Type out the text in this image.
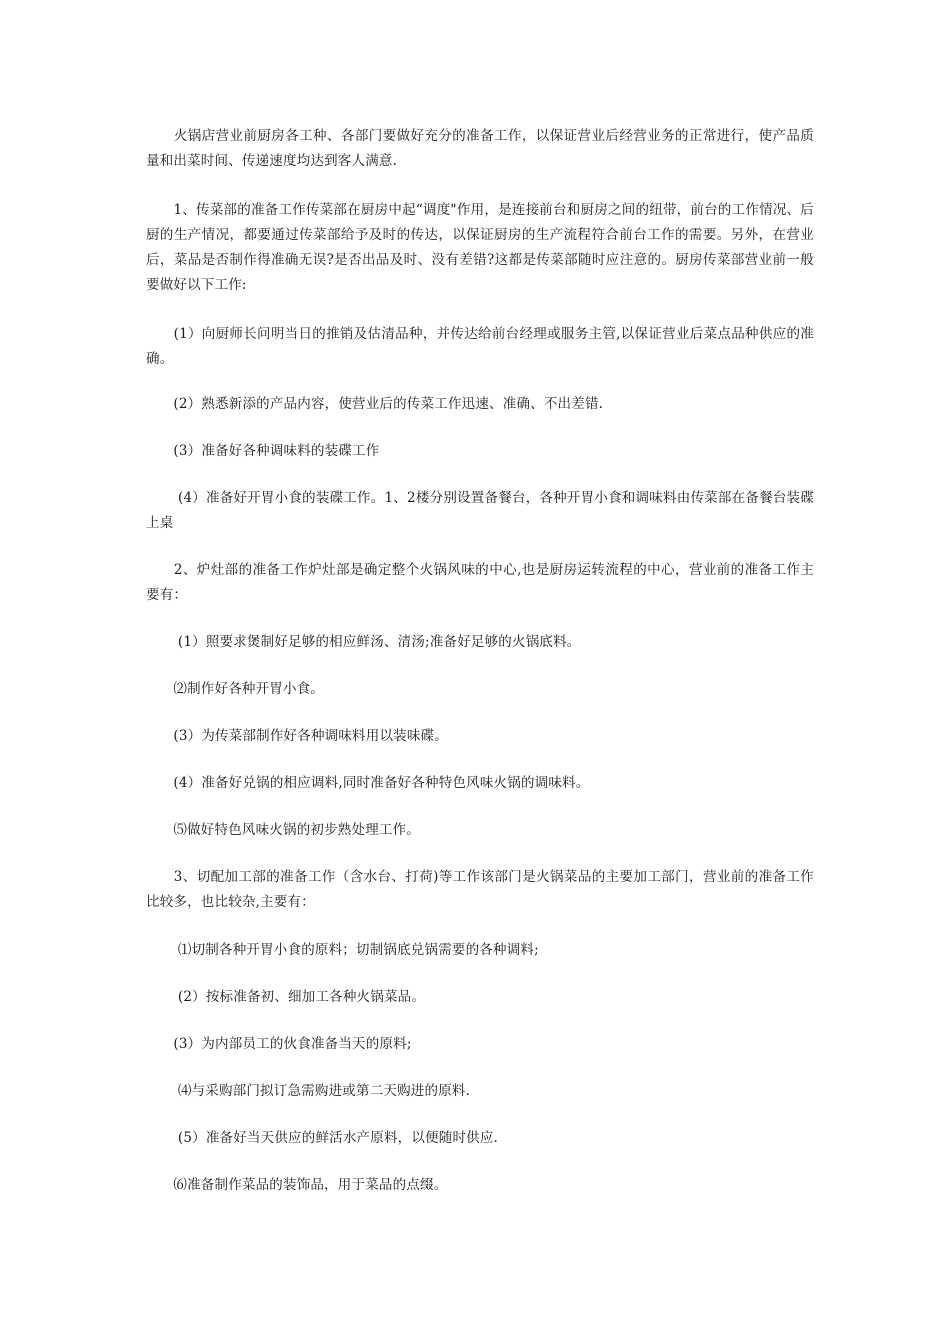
　　火锅店营业前厨房各工种、各部门要做好充分的准备工作，以保证营业后经营业务的正常进行，使产品质量和出菜时间、传递速度均达到客人满意.

　　1、传菜部的准备工作传菜部在厨房中起“调度"作用，是连接前台和厨房之间的纽带，前台的工作情况、后厨的生产情况，都要通过传菜部给予及时的传达，以保证厨房的生产流程符合前台工作的需要。另外，在营业后，菜品是否制作得准确无误?是否出品及时、没有差错?这都是传菜部随时应注意的。厨房传菜部营业前一般要做好以下工作:

　　(1）向厨师长问明当日的推销及估清品种，并传达给前台经理或服务主管,以保证营业后菜点品种供应的准确。

　　(2）熟悉新添的产品内容，使营业后的传菜工作迅速、准确、不出差错.

　　(3）准备好各种调味料的装碟工作

　　 (4）准备好开胃小食的装碟工作。1、2楼分别设置备餐台，各种开胃小食和调味料由传菜部在备餐台装碟上桌

　　2、炉灶部的准备工作炉灶部是确定整个火锅风味的中心,也是厨房运转流程的中心，营业前的准备工作主要有：

　　 (1）照要求煲制好足够的相应鲜汤、清汤;准备好足够的火锅底料。

　　⑵制作好各种开胃小食。

　　(3）为传菜部制作好各种调味料用以装味碟。

　　(4）准备好兑锅的相应调料,同时准备好各种特色风味火锅的调味料。

　　⑸做好特色风味火锅的初步熟处理工作。

　　3、切配加工部的准备工作（含水台、打荷)等工作该部门是火锅菜品的主要加工部门，营业前的准备工作比较多，也比较杂,主要有：

　　 ⑴切制各种开胃小食的原料；切制锅底兑锅需要的各种调料;

　　 (2）按标准备初、细加工各种火锅菜品。

　　(3）为内部员工的伙食准备当天的原料;

　　 ⑷与采购部门拟订急需购进或第二天购进的原料.

　　 (5）准备好当天供应的鲜活水产原料，以便随时供应.

　　⑹准备制作菜品的装饰品，用于菜品的点缀。
